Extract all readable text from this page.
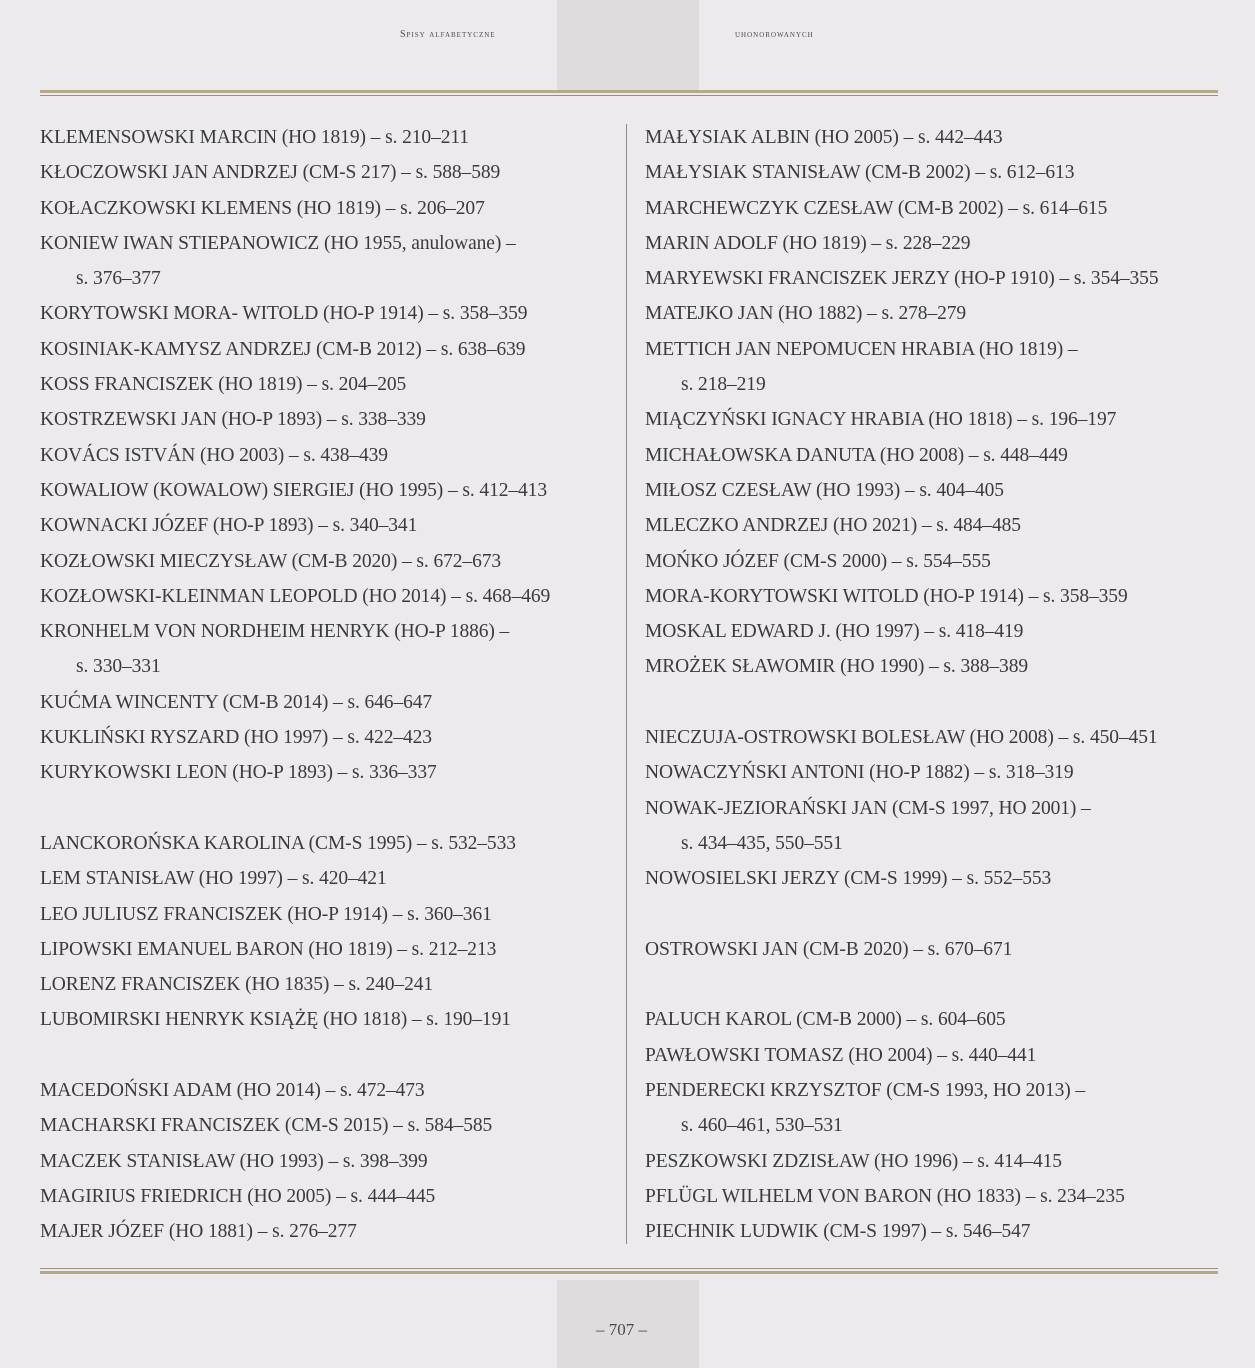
Spisy alfabetyczne	uhonorowanych
KLEMENSOWSKI MARCIN (HO 1819) – s. 210–211
KŁOCZOWSKI JAN ANDRZEJ (CM-S 217) – s. 588–589
KOŁACZKOWSKI KLEMENS (HO 1819) – s. 206–207
KONIEW IWAN STIEPANOWICZ (HO 1955, anulowane) –
s. 376–377
KORYTOWSKI MORA- WITOLD (HO-P 1914) – s. 358–359
KOSINIAK-KAMYSZ ANDRZEJ (CM-B 2012) – s. 638–639
KOSS FRANCISZEK (HO 1819) – s. 204–205
KOSTRZEWSKI JAN (HO-P 1893) – s. 338–339
KOVÁCS ISTVÁN (HO 2003) – s. 438–439
KOWALIOW (KOWALOW) SIERGIEJ (HO 1995) – s. 412–413
KOWNACKI JÓZEF (HO-P 1893) – s. 340–341
KOZŁOWSKI MIECZYSŁAW (CM-B 2020) – s. 672–673
KOZŁOWSKI-KLEINMAN LEOPOLD (HO 2014) – s. 468–469
KRONHELM VON NORDHEIM HENRYK (HO-P 1886) –
s. 330–331
KUĆMA WINCENTY (CM-B 2014) – s. 646–647
KUKLIŃSKI RYSZARD (HO 1997) – s. 422–423
KURYKOWSKI LEON (HO-P 1893) – s. 336–337
LANCKOROŃSKA KAROLINA (CM-S 1995) – s. 532–533
LEM STANISŁAW (HO 1997) – s. 420–421
LEO JULIUSZ FRANCISZEK (HO-P 1914) – s. 360–361
LIPOWSKI EMANUEL BARON (HO 1819) – s. 212–213
LORENZ FRANCISZEK (HO 1835) – s. 240–241
LUBOMIRSKI HENRYK KSIĄŻĘ (HO 1818) – s. 190–191
MACEDOŃSKI ADAM (HO 2014) – s. 472–473
MACHARSKI FRANCISZEK (CM-S 2015) – s. 584–585
MACZEK STANISŁAW (HO 1993) – s. 398–399
MAGIRIUS FRIEDRICH (HO 2005) – s. 444–445
MAJER JÓZEF (HO 1881) – s. 276–277
MAŁYSIAK ALBIN (HO 2005) – s. 442–443
MAŁYSIAK STANISŁAW (CM-B 2002) – s. 612–613
MARCHEWCZYK CZESŁAW (CM-B 2002) – s. 614–615
MARIN ADOLF (HO 1819) – s. 228–229
MARYEWSKI FRANCISZEK JERZY (HO-P 1910) – s. 354–355
MATEJKO JAN (HO 1882) – s. 278–279
METTICH JAN NEPOMUCEN HRABIA (HO 1819) –
s. 218–219
MIĄCZYŃSKI IGNACY HRABIA (HO 1818) – s. 196–197
MICHAŁOWSKA DANUTA (HO 2008) – s. 448–449
MIŁOSZ CZESŁAW (HO 1993) – s. 404–405
MLECZKO ANDRZEJ (HO 2021) – s. 484–485
MOŃKO JÓZEF (CM-S 2000) – s. 554–555
MORA-KORYTOWSKI WITOLD (HO-P 1914) – s. 358–359
MOSKAL EDWARD J. (HO 1997) – s. 418–419
MROŻEK SŁAWOMIR (HO 1990) – s. 388–389
NIECZUJA-OSTROWSKI BOLESŁAW (HO 2008) – s. 450–451
NOWACZYŃSKI ANTONI (HO-P 1882) – s. 318–319
NOWAK-JEZIORAŃSKI JAN (CM-S 1997, HO 2001) –
s. 434–435, 550–551
NOWOSIELSKI JERZY (CM-S 1999) – s. 552–553
OSTROWSKI JAN (CM-B 2020) – s. 670–671
PALUCH KAROL (CM-B 2000) – s. 604–605
PAWŁOWSKI TOMASZ (HO 2004) – s. 440–441
PENDERECKI KRZYSZTOF (CM-S 1993, HO 2013) –
s. 460–461, 530–531
PESZKOWSKI ZDZISŁAW (HO 1996) – s. 414–415
PFLÜGL WILHELM VON BARON (HO 1833) – s. 234–235
PIECHNIK LUDWIK (CM-S 1997) – s. 546–547
– 707 –
